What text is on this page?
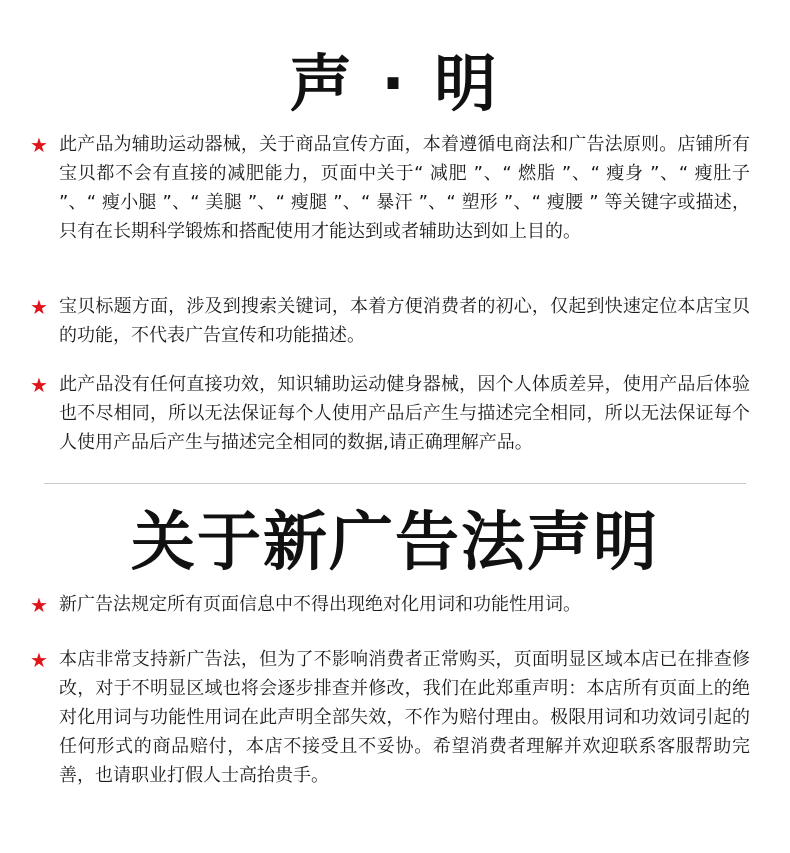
声 · 明
★ 此产品为辅助运动器械，关于商品宣传方面，本着遵循电商法和广告法原则。店铺所有宝贝都不会有直接的减肥能力，页面中关于“ 减肥 ”、“ 燃脂 ”、“ 瘦身 ”、“ 瘦肚子 ”、“ 瘦小腿 ”、“ 美腿 ”、“ 瘦腿 ”、“ 暴汗 ”、“ 塑形 ”、“ 瘦腰 ” 等关键字或描述，只有在长期科学锻炼和搭配使用才能达到或者辅助达到如上目的。

★ 宝贝标题方面，涉及到搜索关键词，本着方便消费者的初心，仅起到快速定位本店宝贝的功能，不代表广告宣传和功能描述。

★ 此产品没有任何直接功效，知识辅助运动健身器械，因个人体质差异，使用产品后体验也不尽相同，所以无法保证每个人使用产品后产生与描述完全相同，所以无法保证每个人使用产品后产生与描述完全相同的数据,请正确理解产品。

关于新广告法声明
★ 新广告法规定所有页面信息中不得出现绝对化用词和功能性用词。

★ 本店非常支持新广告法，但为了不影响消费者正常购买，页面明显区域本店已在排查修改，对于不明显区域也将会逐步排查并修改，我们在此郑重声明：本店所有页面上的绝对化用词与功能性用词在此声明全部失效，不作为赔付理由。极限用词和功效词引起的任何形式的商品赔付，本店不接受且不妥协。希望消费者理解并欢迎联系客服帮助完善，也请职业打假人士高抬贵手。
